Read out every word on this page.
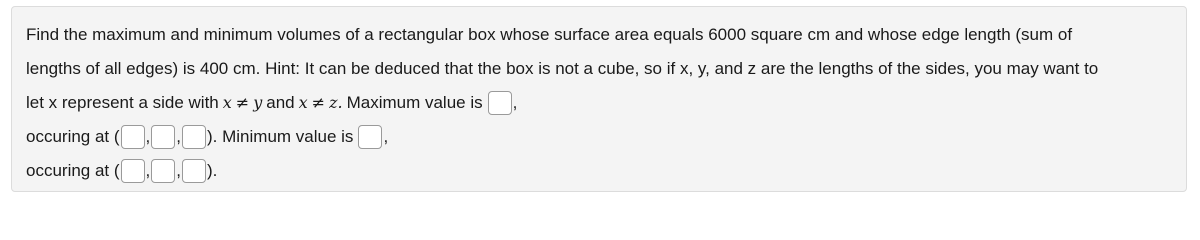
Find the maximum and minimum volumes of a rectangular box whose surface area equals 6000 square cm and whose edge length (sum of
lengths of all edges) is 400 cm. Hint: It can be deduced that the box is not a cube, so if x, y, and z are the lengths of the sides, you may want to
let x represent a side with x ≠ y and x ≠ z. Maximum value is ,
occuring at ( , , ). Minimum value is ,
occuring at ( , , ).
